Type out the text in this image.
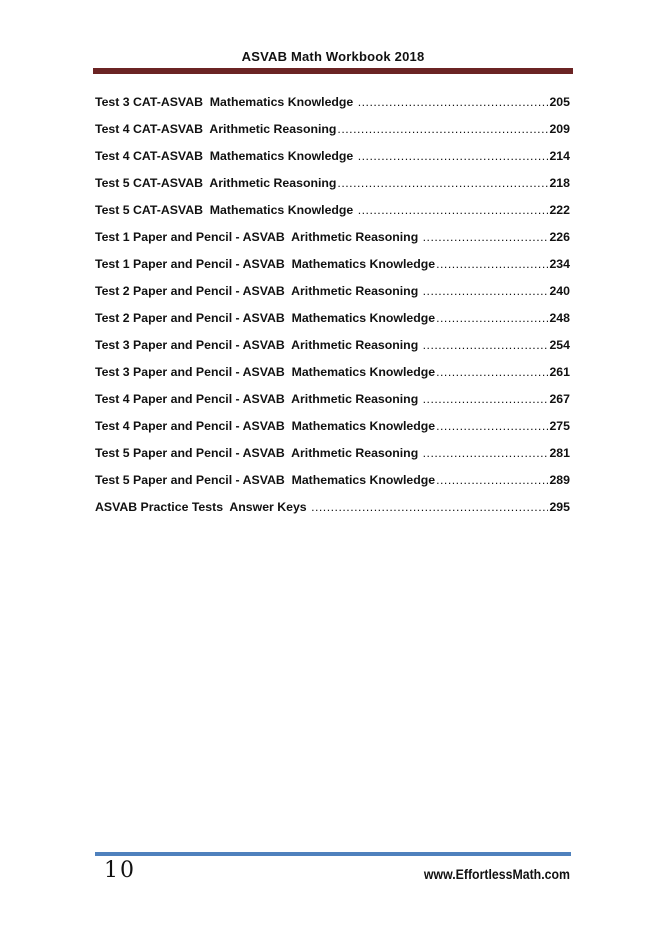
ASVAB Math Workbook 2018
Test 3 CAT-ASVAB  Mathematics Knowledge .....	205
Test 4 CAT-ASVAB  Arithmetic Reasoning .....	209
Test 4 CAT-ASVAB  Mathematics Knowledge .....	214
Test 5 CAT-ASVAB  Arithmetic Reasoning .....	218
Test 5 CAT-ASVAB  Mathematics Knowledge .....	222
Test 1 Paper and Pencil - ASVAB  Arithmetic Reasoning .....	226
Test 1 Paper and Pencil - ASVAB  Mathematics Knowledge .....	234
Test 2 Paper and Pencil - ASVAB  Arithmetic Reasoning .....	240
Test 2 Paper and Pencil - ASVAB  Mathematics Knowledge .....	248
Test 3 Paper and Pencil - ASVAB  Arithmetic Reasoning .....	254
Test 3 Paper and Pencil - ASVAB  Mathematics Knowledge .....	261
Test 4 Paper and Pencil - ASVAB  Arithmetic Reasoning .....	267
Test 4 Paper and Pencil - ASVAB  Mathematics Knowledge .....	275
Test 5 Paper and Pencil - ASVAB  Arithmetic Reasoning .....	281
Test 5 Paper and Pencil - ASVAB  Mathematics Knowledge .....	289
ASVAB Practice Tests  Answer Keys .....	295
10	www.EffortlessMath.com
